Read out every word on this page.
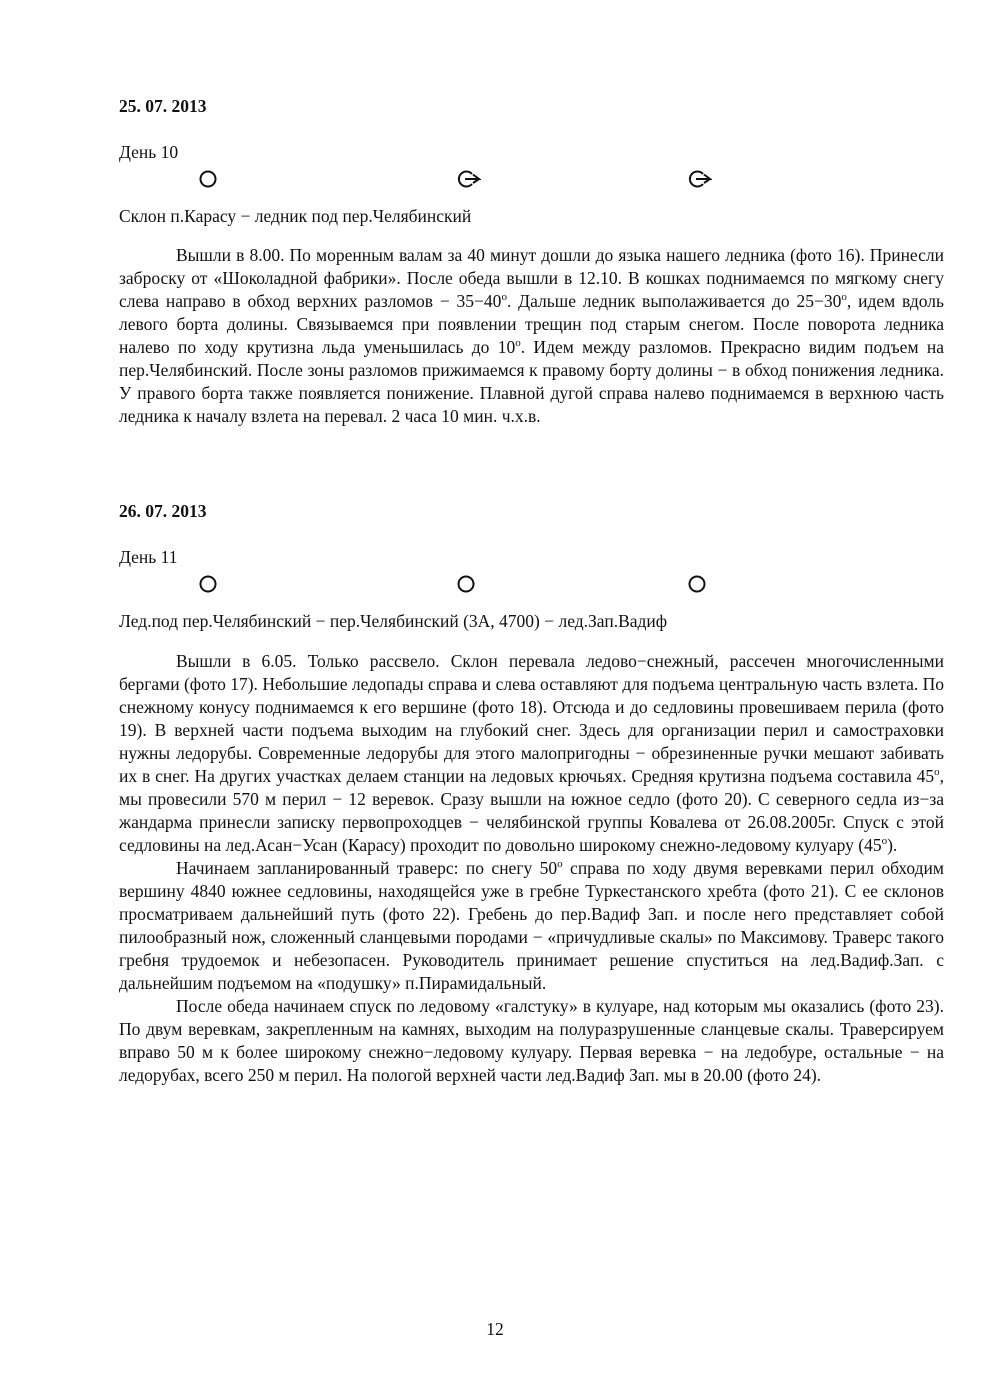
25. 07. 2013
День 10
Склон п.Карасу − ледник под пер.Челябинский

Вышли в 8.00. По моренным валам за 40 минут дошли до языка нашего ледника (фото 16). Принесли заброску от «Шоколадной фабрики». После обеда вышли в 12.10. В кошках поднимаемся по мягкому снегу слева направо в обход верхних разломов − $35-40^о$. Дальше ледник выполаживается до $25-30^о$, идем вдоль левого борта долины. Связываемся при появлении трещин под старым снегом. После поворота ледника налево по ходу крутизна льда уменьшилась до $10^о$. Идем между разломов. Прекрасно видим подъем на пер.Челябинский. После зоны разломов прижимаемся к правому борту долины − в обход понижения ледника. У правого борта также появляется понижение. Плавной дугой справа налево поднимаемся в верхнюю часть ледника к началу взлета на перевал. 2 часа 10 мин. ч.х.в.

26. 07. 2013
День 11
Лед.под пер.Челябинский − пер.Челябинский (3А, 4700) − лед.Зап.Вадиф

Вышли в 6.05. Только рассвело. Склон перевала ледово−снежный, рассечен многочисленными бергами (фото 17). Небольшие ледопады справа и слева оставляют для подъема центральную часть взлета. По снежному конусу поднимаемся к его вершине (фото 18). Отсюда и до седловины провешиваем перила (фото 19). В верхней части подъема выходим на глубокий снег. Здесь для организации перил и самостраховки нужны ледорубы. Современные ледорубы для этого малопригодны − обрезиненные ручки мешают забивать их в снег. На других участках делаем станции на ледовых крючьях. Средняя крутизна подъема составила $45^о$, мы провесили 570 м перил − 12 веревок. Сразу вышли на южное седло (фото 20). С северного седла из−за жандарма принесли записку первопроходцев − челябинской группы Ковалева от 26.08.2005г. Спуск с этой седловины на лед.Асан−Усан (Карасу) проходит по довольно широкому снежно-ледовому кулуару $(45^о)$.

Начинаем запланированный траверс: по снегу $50^о$ справа по ходу двумя веревками перил обходим вершину 4840 южнее седловины, находящейся уже в гребне Туркестанского хребта (фото 21). С ее склонов просматриваем дальнейший путь (фото 22). Гребень до пер.Вадиф Зап. и после него представляет собой пилообразный нож, сложенный сланцевыми породами − «причудливые скалы» по Максимову. Траверс такого гребня трудоемок и небезопасен. Руководитель принимает решение спуститься на лед.Вадиф.Зап. с дальнейшим подъемом на «подушку» п.Пирамидальный.

После обеда начинаем спуск по ледовому «галстуку» в кулуаре, над которым мы оказались (фото 23). По двум веревкам, закрепленным на камнях, выходим на полуразрушенные сланцевые скалы. Траверсируем вправо 50 м к более широкому снежно−ледовому кулуару. Первая веревка − на ледобуре, остальные − на ледорубах, всего 250 м перил. На пологой верхней части лед.Вадиф Зап. мы в 20.00 (фото 24).

12
